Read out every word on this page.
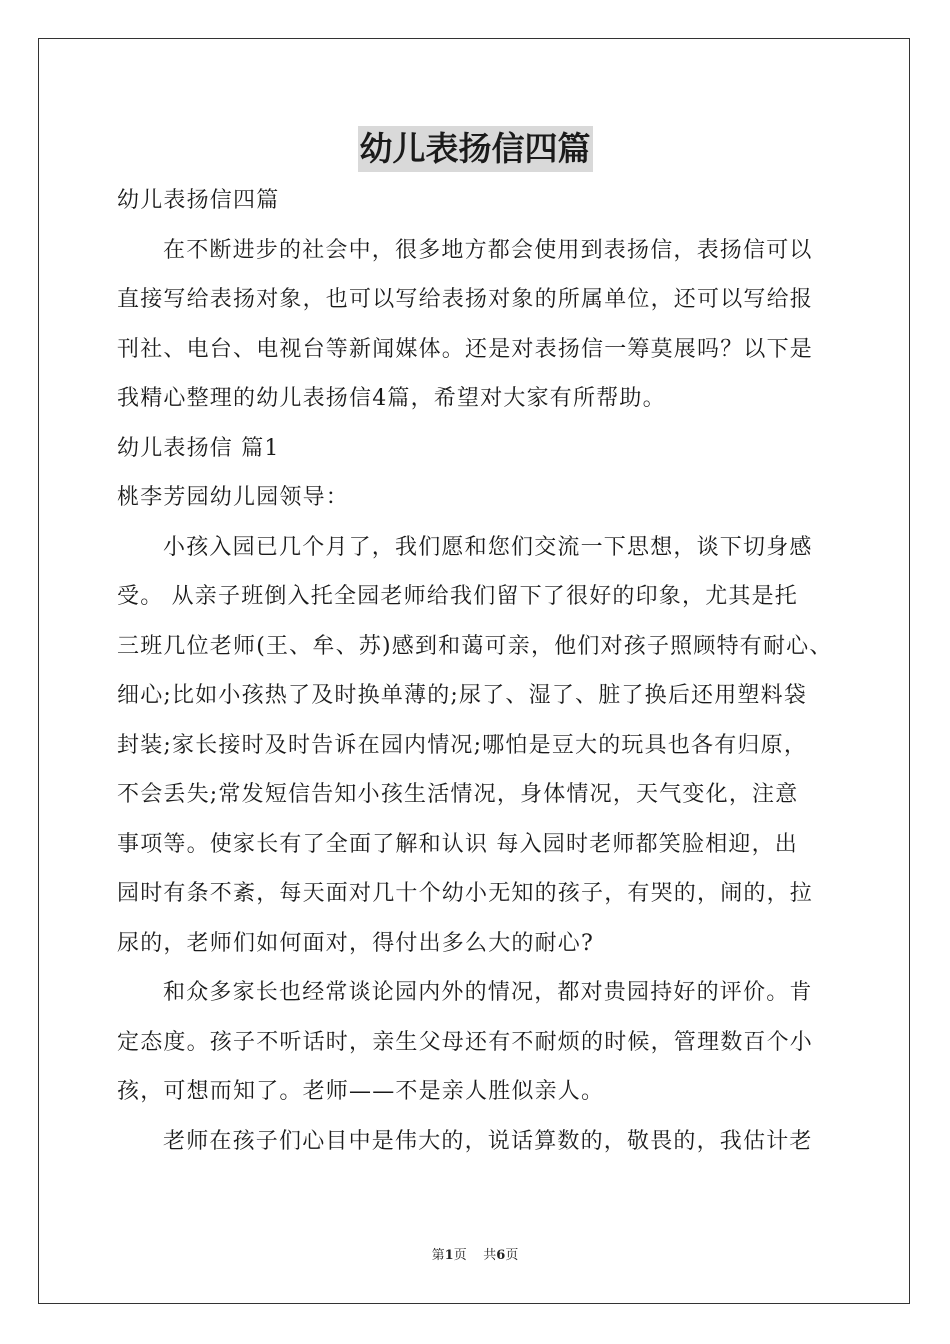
幼儿表扬信四篇
幼儿表扬信四篇
在不断进步的社会中，很多地方都会使用到表扬信，表扬信可以
直接写给表扬对象，也可以写给表扬对象的所属单位，还可以写给报
刊社、电台、电视台等新闻媒体。还是对表扬信一筹莫展吗？以下是
我精心整理的幼儿表扬信4篇，希望对大家有所帮助。
幼儿表扬信 篇1
桃李芳园幼儿园领导：
小孩入园已几个月了，我们愿和您们交流一下思想，谈下切身感
受。 从亲子班倒入托全园老师给我们留下了很好的印象，尤其是托
三班几位老师(王、牟、苏)感到和蔼可亲，他们对孩子照顾特有耐心、
细心;比如小孩热了及时换单薄的;尿了、湿了、脏了换后还用塑料袋
封装;家长接时及时告诉在园内情况;哪怕是豆大的玩具也各有归原，
不会丢失;常发短信告知小孩生活情况，身体情况，天气变化，注意
事项等。使家长有了全面了解和认识 每入园时老师都笑脸相迎，出
园时有条不紊，每天面对几十个幼小无知的孩子，有哭的，闹的，拉
尿的，老师们如何面对，得付出多么大的耐心?
和众多家长也经常谈论园内外的情况，都对贵园持好的评价。肯
定态度。孩子不听话时，亲生父母还有不耐烦的时候，管理数百个小
孩，可想而知了。老师——不是亲人胜似亲人。
老师在孩子们心目中是伟大的，说话算数的，敬畏的，我估计老
第1页 共6页
